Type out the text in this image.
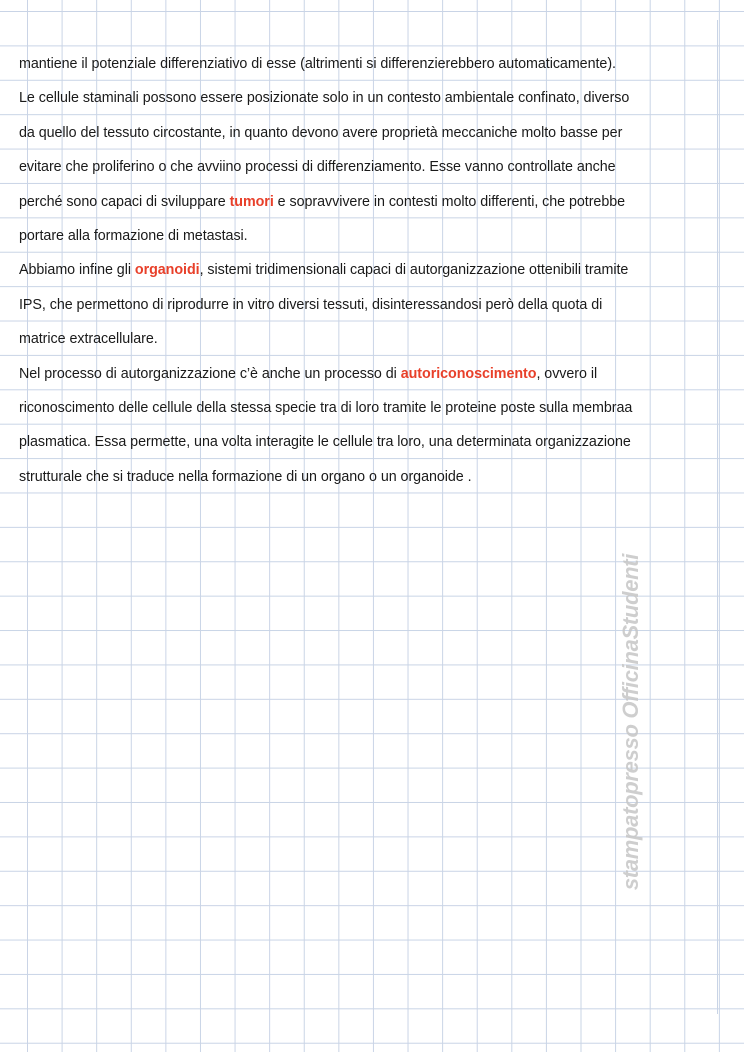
mantiene il potenziale differenziativo di esse (altrimenti si differenzierebbero automaticamente).
Le cellule staminali possono essere posizionate solo in un contesto ambientale confinato, diverso
da quello del tessuto circostante, in quanto devono avere proprietà meccaniche molto basse per
evitare che proliferino o che avviino processi di differenziamento. Esse vanno controllate anche
perché sono capaci di sviluppare tumori e sopravvivere in contesti molto differenti, che potrebbe
portare alla formazione di metastasi.
Abbiamo infine gli organoidi, sistemi tridimensionali capaci di autorganizzazione ottenibili tramite
IPS, che permettono di riprodurre in vitro diversi tessuti, disinteressandosi però della quota di
matrice extracellulare.
Nel processo di autorganizzazione c’è anche un processo di autoriconoscimento, ovvero il
riconoscimento delle cellule della stessa specie tra di loro tramite le proteine poste sulla membraa
plasmatica. Essa permette, una volta interagite le cellule tra loro, una determinata organizzazione
strutturale che si traduce nella formazione di un organo o un organoide .
stampatopresso OfficinaStudenti
